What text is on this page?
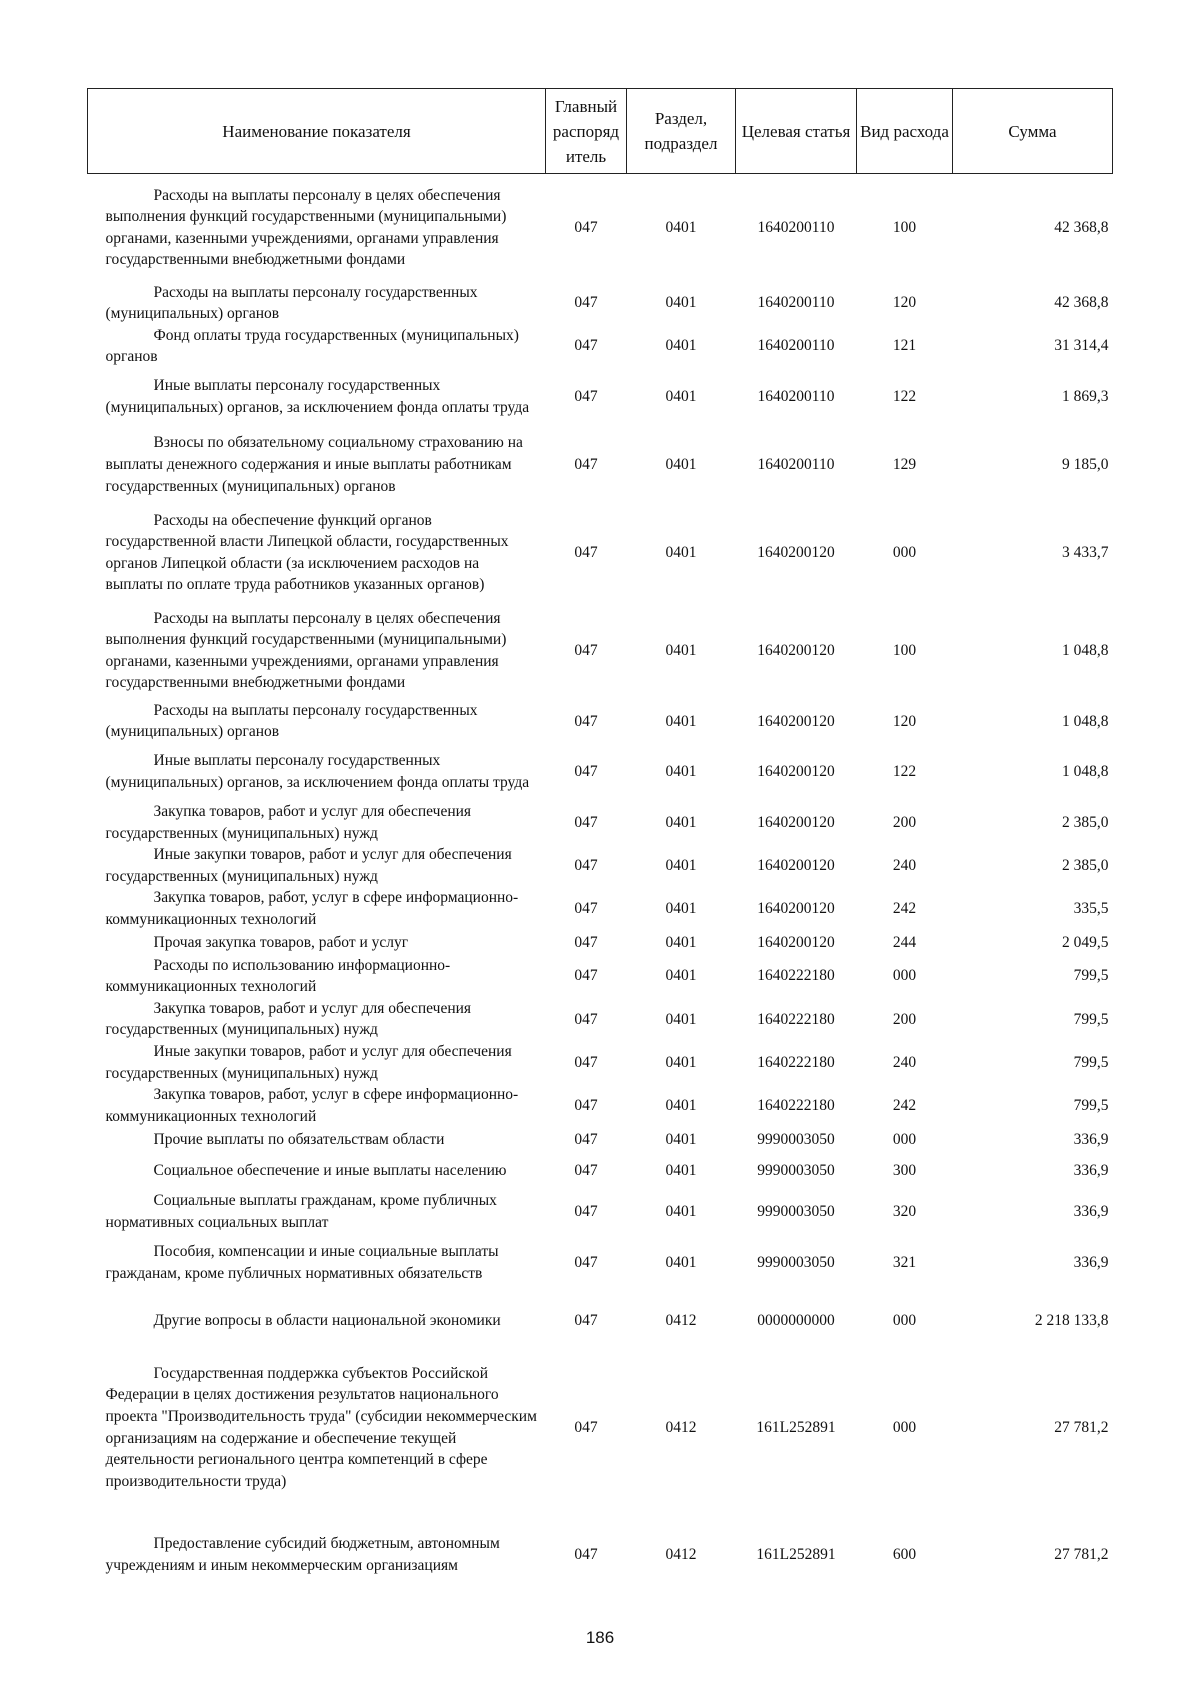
Наименование показателя	Главный распоряд итель	Раздел, подраздел	Целевая статья	Вид расхода	Сумма
Расходы на выплаты персоналу в целях обеспечения выполнения функций государственными (муниципальными) органами, казенными учреждениями, органами управления государственными внебюджетными фондами	047	0401	1640200110	100	42 368,8
Расходы на выплаты персоналу государственных (муниципальных) органов	047	0401	1640200110	120	42 368,8
Фонд оплаты труда государственных (муниципальных) органов	047	0401	1640200110	121	31 314,4
Иные выплаты персоналу государственных (муниципальных) органов, за исключением фонда оплаты труда	047	0401	1640200110	122	1 869,3
Взносы по обязательному социальному страхованию на выплаты денежного содержания и иные выплаты работникам государственных (муниципальных) органов	047	0401	1640200110	129	9 185,0
Расходы на обеспечение функций органов государственной власти Липецкой области, государственных органов Липецкой области (за исключением расходов на выплаты по оплате труда работников указанных органов)	047	0401	1640200120	000	3 433,7
Расходы на выплаты персоналу в целях обеспечения выполнения функций государственными (муниципальными) органами, казенными учреждениями, органами управления государственными внебюджетными фондами	047	0401	1640200120	100	1 048,8
Расходы на выплаты персоналу государственных (муниципальных) органов	047	0401	1640200120	120	1 048,8
Иные выплаты персоналу государственных (муниципальных) органов, за исключением фонда оплаты труда	047	0401	1640200120	122	1 048,8
Закупка товаров, работ и услуг для обеспечения государственных (муниципальных) нужд	047	0401	1640200120	200	2 385,0
Иные закупки товаров, работ и услуг для обеспечения государственных (муниципальных) нужд	047	0401	1640200120	240	2 385,0
Закупка товаров, работ, услуг в сфере информационно-коммуникационных технологий	047	0401	1640200120	242	335,5
Прочая закупка товаров, работ и услуг	047	0401	1640200120	244	2 049,5
Расходы по использованию информационно-коммуникационных технологий	047	0401	1640222180	000	799,5
Закупка товаров, работ и услуг для обеспечения государственных (муниципальных) нужд	047	0401	1640222180	200	799,5
Иные закупки товаров, работ и услуг для обеспечения государственных (муниципальных) нужд	047	0401	1640222180	240	799,5
Закупка товаров, работ, услуг в сфере информационно-коммуникационных технологий	047	0401	1640222180	242	799,5
Прочие выплаты по обязательствам области	047	0401	9990003050	000	336,9
Социальное обеспечение и иные выплаты населению	047	0401	9990003050	300	336,9
Социальные выплаты гражданам, кроме публичных нормативных социальных выплат	047	0401	9990003050	320	336,9
Пособия, компенсации и иные социальные выплаты гражданам, кроме публичных нормативных обязательств	047	0401	9990003050	321	336,9
Другие вопросы в области национальной экономики	047	0412	0000000000	000	2 218 133,8
Государственная поддержка субъектов Российской Федерации в целях достижения результатов национального проекта "Производительность труда" (субсидии некоммерческим организациям на содержание и обеспечение текущей деятельности регионального центра компетенций в сфере производительности труда)	047	0412	161L252891	000	27 781,2
Предоставление субсидий бюджетным, автономным учреждениям и иным некоммерческим организациям	047	0412	161L252891	600	27 781,2
186
